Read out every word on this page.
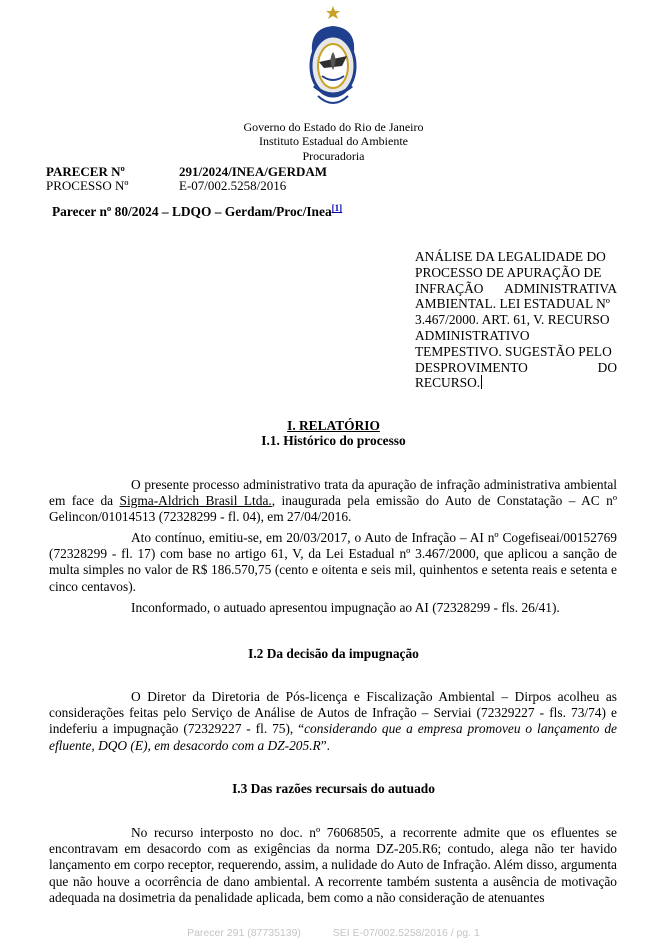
Governo do Estado do Rio de Janeiro
Instituto Estadual do Ambiente
Procuradoria
PARECER Nº	291/2024/INEA/GERDAM
PROCESSO Nº	E-07/002.5258/2016
Parecer nº 80/2024 – LDQO – Gerdam/Proc/Inea[1]
ANÁLISE DA LEGALIDADE DO
PROCESSO DE APURAÇÃO DE
INFRAÇÃO ADMINISTRATIVA
AMBIENTAL. LEI ESTADUAL Nº
3.467/2000. ART. 61, V. RECURSO
ADMINISTRATIVO
TEMPESTIVO. SUGESTÃO PELO
DESPROVIMENTO DO
RECURSO.
I. RELATÓRIO
I.1. Histórico do processo
O presente processo administrativo trata da apuração de infração administrativa ambiental em face da Sigma-Aldrich Brasil Ltda., inaugurada pela emissão do Auto de Constatação – AC nº Gelincon/01014513 (72328299 - fl. 04), em 27/04/2016.
Ato contínuo, emitiu-se, em 20/03/2017, o Auto de Infração – AI nº Cogefiseai/00152769 (72328299 - fl. 17) com base no artigo 61, V, da Lei Estadual nº 3.467/2000, que aplicou a sanção de multa simples no valor de R$ 186.570,75 (cento e oitenta e seis mil, quinhentos e setenta reais e setenta e cinco centavos).
Inconformado, o autuado apresentou impugnação ao AI (72328299 - fls. 26/41).
I.2 Da decisão da impugnação
O Diretor da Diretoria de Pós-licença e Fiscalização Ambiental – Dirpos acolheu as considerações feitas pelo Serviço de Análise de Autos de Infração – Serviai (72329227 - fls. 73/74) e indeferiu a impugnação (72329227 - fl. 75), “considerando que a empresa promoveu o lançamento de efluente, DQO (E), em desacordo com a DZ-205.R”.
I.3 Das razões recursais do autuado
No recurso interposto no doc. nº 76068505, a recorrente admite que os efluentes se encontravam em desacordo com as exigências da norma DZ-205.R6; contudo, alega não ter havido lançamento em corpo receptor, requerendo, assim, a nulidade do Auto de Infração. Além disso, argumenta que não houve a ocorrência de dano ambiental. A recorrente também sustenta a ausência de motivação adequada na dosimetria da penalidade aplicada, bem como a não consideração de atenuantes
Parecer 291 (87735139)	SEI E-07/002.5258/2016 / pg. 1
